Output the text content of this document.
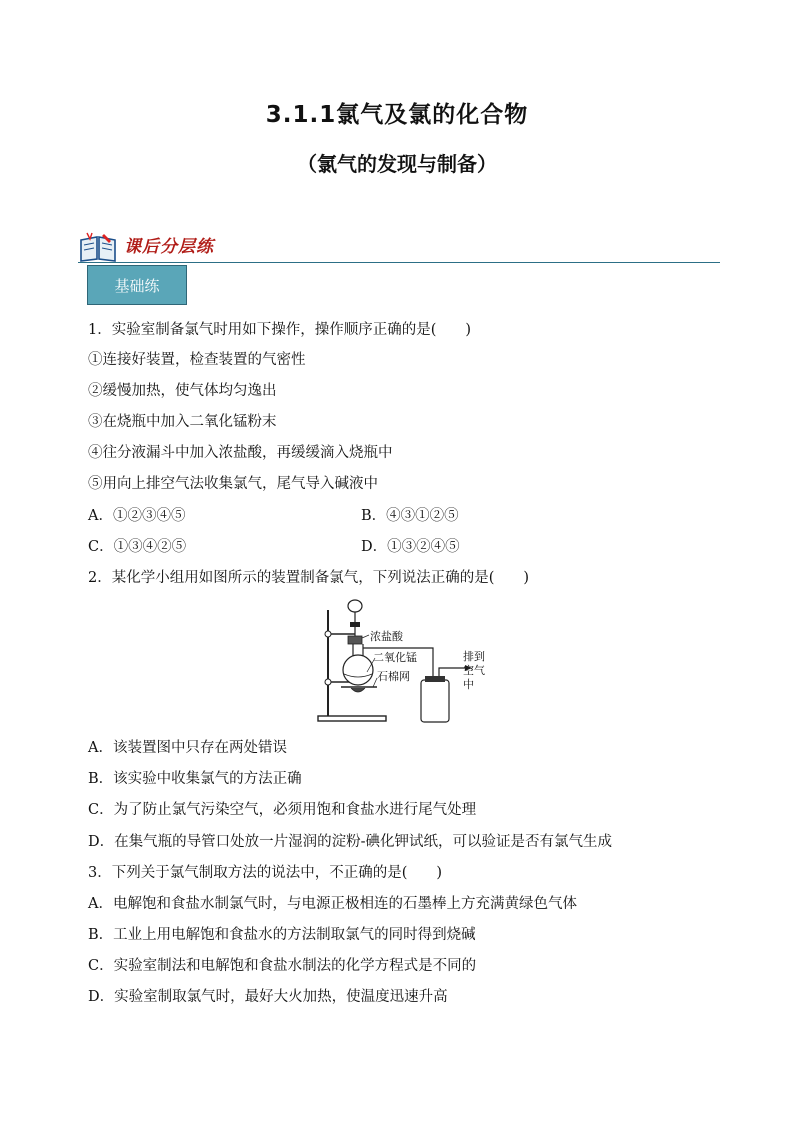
3.1.1氯气及氯的化合物
（氯气的发现与制备）
课后分层练
基础练
1．实验室制备氯气时用如下操作，操作顺序正确的是(　　)
①连接好装置，检查装置的气密性
②缓慢加热，使气体均匀逸出
③在烧瓶中加入二氧化锰粉末
④往分液漏斗中加入浓盐酸，再缓缓滴入烧瓶中
⑤用向上排空气法收集氯气，尾气导入碱液中
A．①②③④⑤	B．④③①②⑤
C．①③④②⑤	D．①③②④⑤
2．某化学小组用如图所示的装置制备氯气，下列说法正确的是(　　)
浓盐酸
二氧化锰
石棉网
排到
空气
中
A．该装置图中只存在两处错误
B．该实验中收集氯气的方法正确
C．为了防止氯气污染空气，必须用饱和食盐水进行尾气处理
D．在集气瓶的导管口处放一片湿润的淀粉-碘化钾试纸，可以验证是否有氯气生成
3．下列关于氯气制取方法的说法中，不正确的是(　　)
A．电解饱和食盐水制氯气时，与电源正极相连的石墨棒上方充满黄绿色气体
B．工业上用电解饱和食盐水的方法制取氯气的同时得到烧碱
C．实验室制法和电解饱和食盐水制法的化学方程式是不同的
D．实验室制取氯气时，最好大火加热，使温度迅速升高
